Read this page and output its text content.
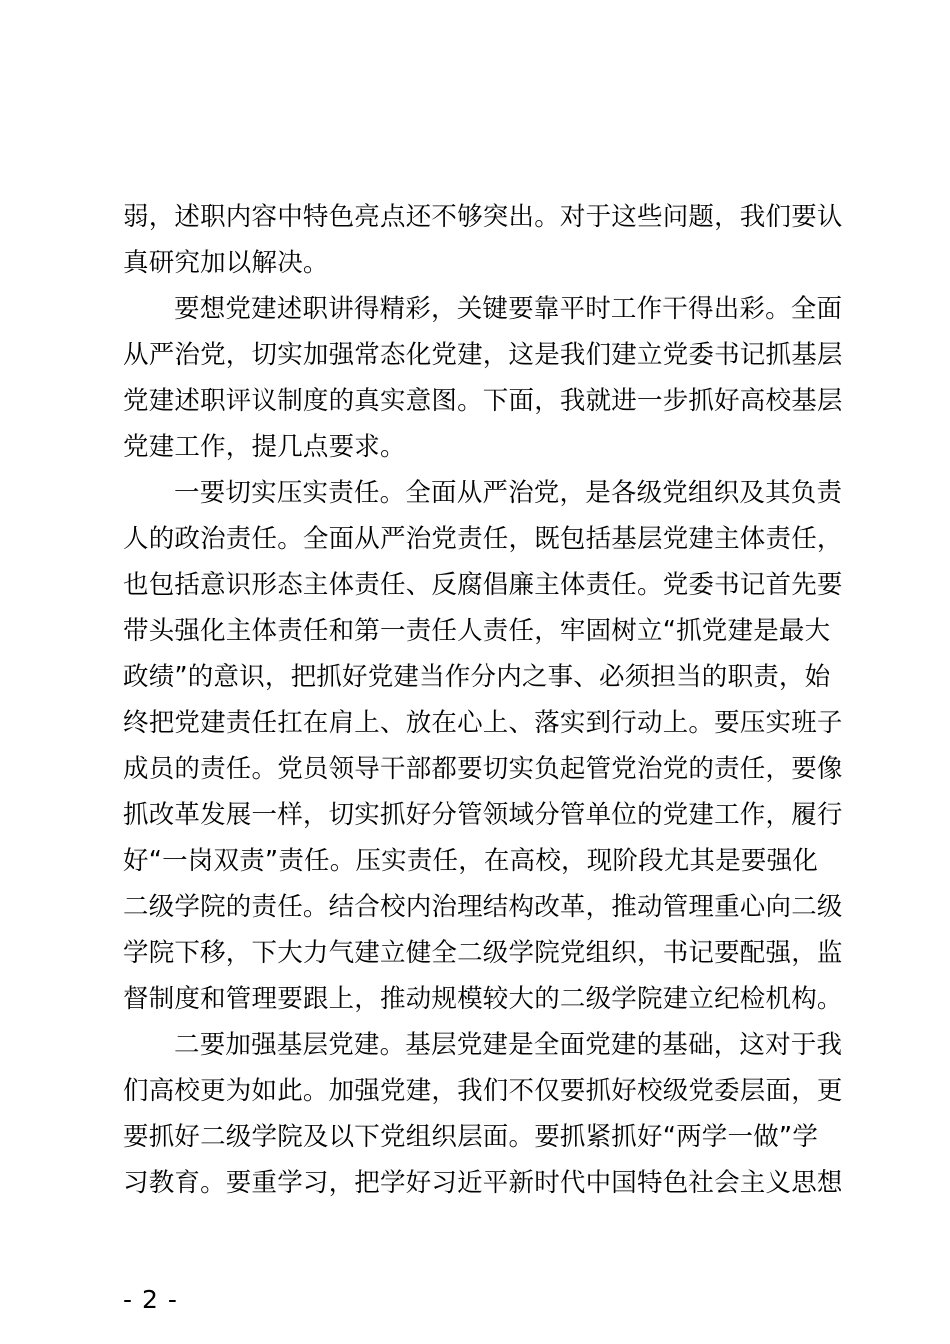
弱，述职内容中特色亮点还不够突出。对于这些问题，我们要认
真研究加以解决。
要想党建述职讲得精彩，关键要靠平时工作干得出彩。全面
从严治党，切实加强常态化党建，这是我们建立党委书记抓基层
党建述职评议制度的真实意图。下面，我就进一步抓好高校基层
党建工作，提几点要求。
一要切实压实责任。全面从严治党，是各级党组织及其负责
人的政治责任。全面从严治党责任，既包括基层党建主体责任，
也包括意识形态主体责任、反腐倡廉主体责任。党委书记首先要
带头强化主体责任和第一责任人责任，牢固树立“抓党建是最大
政绩”的意识，把抓好党建当作分内之事、必须担当的职责，始
终把党建责任扛在肩上、放在心上、落实到行动上。要压实班子
成员的责任。党员领导干部都要切实负起管党治党的责任，要像
抓改革发展一样，切实抓好分管领域分管单位的党建工作，履行
好“一岗双责”责任。压实责任，在高校，现阶段尤其是要强化
二级学院的责任。结合校内治理结构改革，推动管理重心向二级
学院下移，下大力气建立健全二级学院党组织，书记要配强，监
督制度和管理要跟上，推动规模较大的二级学院建立纪检机构。
二要加强基层党建。基层党建是全面党建的基础，这对于我
们高校更为如此。加强党建，我们不仅要抓好校级党委层面，更
要抓好二级学院及以下党组织层面。要抓紧抓好“两学一做”学
习教育。要重学习，把学好习近平新时代中国特色社会主义思想
- 2 -
